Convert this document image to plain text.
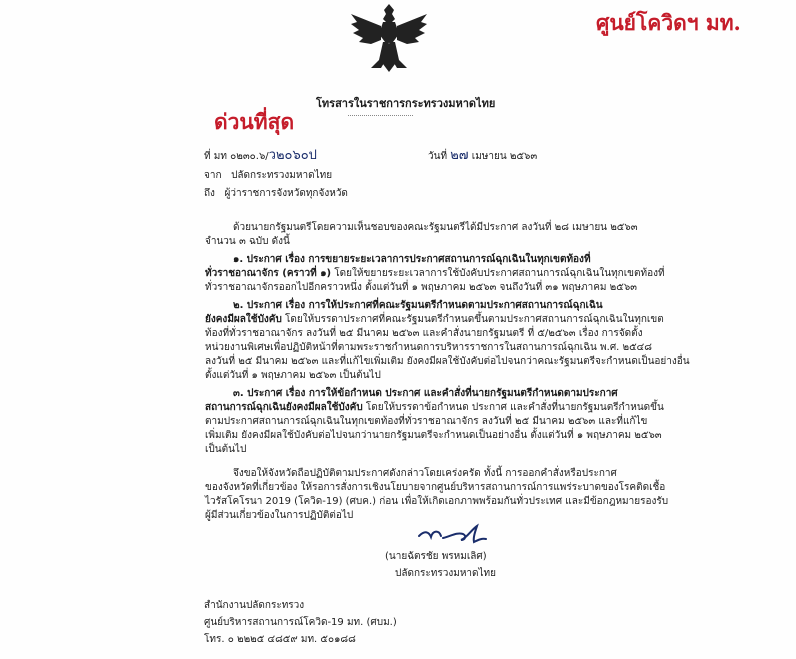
ศูนย์โควิดฯ มท.
โทรสารในราชการกระทรวงมหาดไทย
ด่วนที่สุด
ที่ มท ๐๒๓๐.๖/ว๒๐๖๐ป	วันที่ ๒๗ เมษายน ๒๕๖๓
จาก ปลัดกระทรวงมหาดไทย
ถึง ผู้ว่าราชการจังหวัดทุกจังหวัด
ด้วยนายกรัฐมนตรีโดยความเห็นชอบของคณะรัฐมนตรีได้มีประกาศ ลงวันที่ ๒๘ เมษายน ๒๕๖๓
จำนวน ๓ ฉบับ ดังนี้
๑. ประกาศ เรื่อง การขยายระยะเวลาการประกาศสถานการณ์ฉุกเฉินในทุกเขตท้องที่
ทั่วราชอาณาจักร (คราวที่ ๑) โดยให้ขยายระยะเวลาการใช้บังคับประกาศสถานการณ์ฉุกเฉินในทุกเขตท้องที่
ทั่วราชอาณาจักรออกไปอีกคราวหนึ่ง ตั้งแต่วันที่ ๑ พฤษภาคม ๒๕๖๓ จนถึงวันที่ ๓๑ พฤษภาคม ๒๕๖๓
๒. ประกาศ เรื่อง การให้ประกาศที่คณะรัฐมนตรีกำหนดตามประกาศสถานการณ์ฉุกเฉิน
ยังคงมีผลใช้บังคับ โดยให้บรรดาประกาศที่คณะรัฐมนตรีกำหนดขึ้นตามประกาศสถานการณ์ฉุกเฉินในทุกเขต
ท้องที่ทั่วราชอาณาจักร ลงวันที่ ๒๕ มีนาคม ๒๕๖๓ และคำสั่งนายกรัฐมนตรี ที่ ๕/๒๕๖๓ เรื่อง การจัดตั้ง
หน่วยงานพิเศษเพื่อปฏิบัติหน้าที่ตามพระราชกำหนดการบริหารราชการในสถานการณ์ฉุกเฉิน พ.ศ. ๒๕๔๘
ลงวันที่ ๒๕ มีนาคม ๒๕๖๓ และที่แก้ไขเพิ่มเติม ยังคงมีผลใช้บังคับต่อไปจนกว่าคณะรัฐมนตรีจะกำหนดเป็นอย่างอื่น
ตั้งแต่วันที่ ๑ พฤษภาคม ๒๕๖๓ เป็นต้นไป
๓. ประกาศ เรื่อง การให้ข้อกำหนด ประกาศ และคำสั่งที่นายกรัฐมนตรีกำหนดตามประกาศ
สถานการณ์ฉุกเฉินยังคงมีผลใช้บังคับ โดยให้บรรดาข้อกำหนด ประกาศ และคำสั่งที่นายกรัฐมนตรีกำหนดขึ้น
ตามประกาศสถานการณ์ฉุกเฉินในทุกเขตท้องที่ทั่วราชอาณาจักร ลงวันที่ ๒๕ มีนาคม ๒๕๖๓ และที่แก้ไข
เพิ่มเติม ยังคงมีผลใช้บังคับต่อไปจนกว่านายกรัฐมนตรีจะกำหนดเป็นอย่างอื่น ตั้งแต่วันที่ ๑ พฤษภาคม ๒๕๖๓
เป็นต้นไป
จึงขอให้จังหวัดถือปฏิบัติตามประกาศดังกล่าวโดยเคร่งครัด ทั้งนี้ การออกคำสั่งหรือประกาศ
ของจังหวัดที่เกี่ยวข้อง ให้รอการสั่งการเชิงนโยบายจากศูนย์บริหารสถานการณ์การแพร่ระบาดของโรคติดเชื้อ
ไวรัสโคโรนา 2019 (โควิด-19) (ศบค.) ก่อน เพื่อให้เกิดเอกภาพพร้อมกันทั่วประเทศ และมีข้อกฎหมายรองรับ
ผู้มีส่วนเกี่ยวข้องในการปฏิบัติต่อไป
(นายฉัตรชัย พรหมเลิศ)
ปลัดกระทรวงมหาดไทย
สำนักงานปลัดกระทรวง
ศูนย์บริหารสถานการณ์โควิด-19 มท. (ศบม.)
โทร. ๐ ๒๒๒๕ ๔๘๕๙ มท. ๕๐๑๘๘
